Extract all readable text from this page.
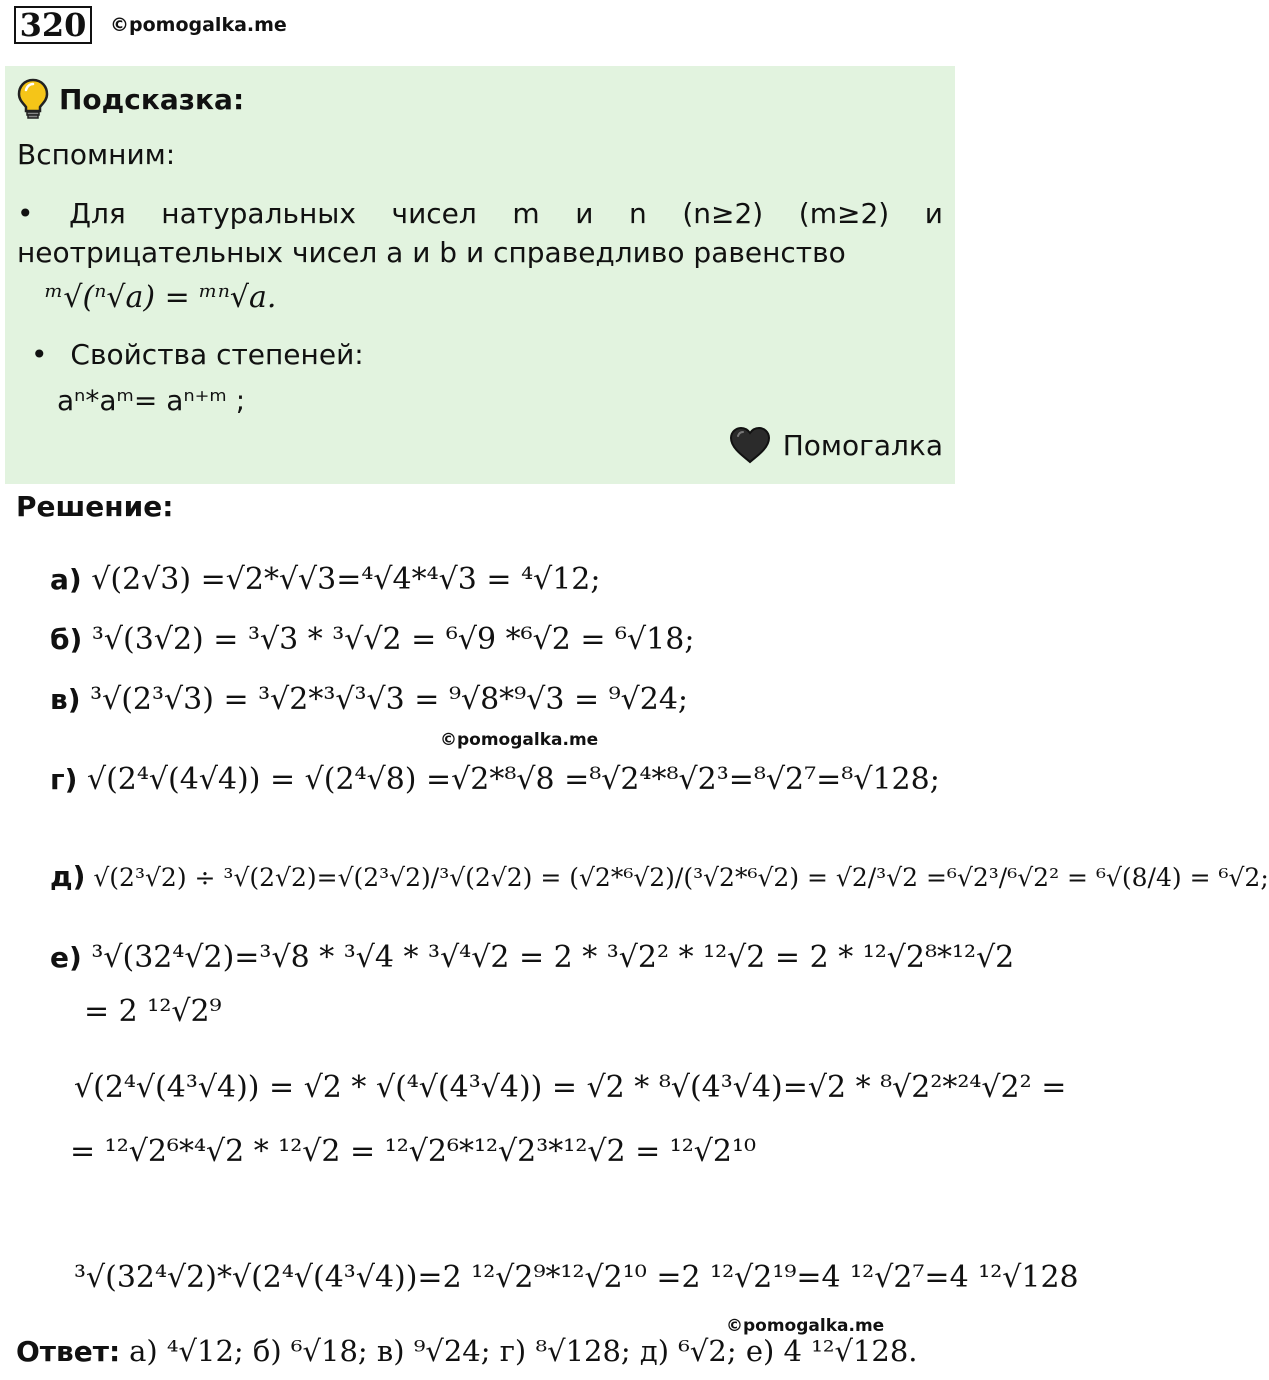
320 ©pomogalka.me
Подсказка:
Вспомним:
• Для натуральных чисел m и n (n≥2) (m≥2) и
неотрицательных чисел a и b и справедливо равенство
ᵐ√(ⁿ√a) = ᵐⁿ√a.
• Свойства степеней:
aⁿ*aᵐ= aⁿ⁺ᵐ ;
Помогалка
Решение:
а) √(2√3) =√2*√√3=⁴√4*⁴√3 = ⁴√12;
б) ³√(3√2) = ³√3 * ³√√2 = ⁶√9 *⁶√2 = ⁶√18;
в) ³√(2³√3) = ³√2*³√³√3 = ⁹√8*⁹√3 = ⁹√24;
©pomogalka.me
г) √(2⁴√(4√4)) = √(2⁴√8) =√2*⁸√8 =⁸√2⁴*⁸√2³=⁸√2⁷=⁸√128;
д) √(2³√2) ÷ ³√(2√2)=√(2³√2)/³√(2√2) = (√2*⁶√2)/(³√2*⁶√2) = √2/³√2 =⁶√2³/⁶√2² = ⁶√(8/4) = ⁶√2;
е) ³√(32⁴√2)=³√8 * ³√4 * ³√⁴√2 = 2 * ³√2² * ¹²√2 = 2 * ¹²√2⁸*¹²√2
= 2 ¹²√2⁹
√(2⁴√(4³√4)) = √2 * √(⁴√(4³√4)) = √2 * ⁸√(4³√4)=√2 * ⁸√2²*²⁴√2² =
= ¹²√2⁶*⁴√2 * ¹²√2 = ¹²√2⁶*¹²√2³*¹²√2 = ¹²√2¹⁰
³√(32⁴√2)*√(2⁴√(4³√4))=2 ¹²√2⁹*¹²√2¹⁰ =2 ¹²√2¹⁹=4 ¹²√2⁷=4 ¹²√128
©pomogalka.me
Ответ: а) ⁴√12; б) ⁶√18; в) ⁹√24; г) ⁸√128; д) ⁶√2; е) 4 ¹²√128.
